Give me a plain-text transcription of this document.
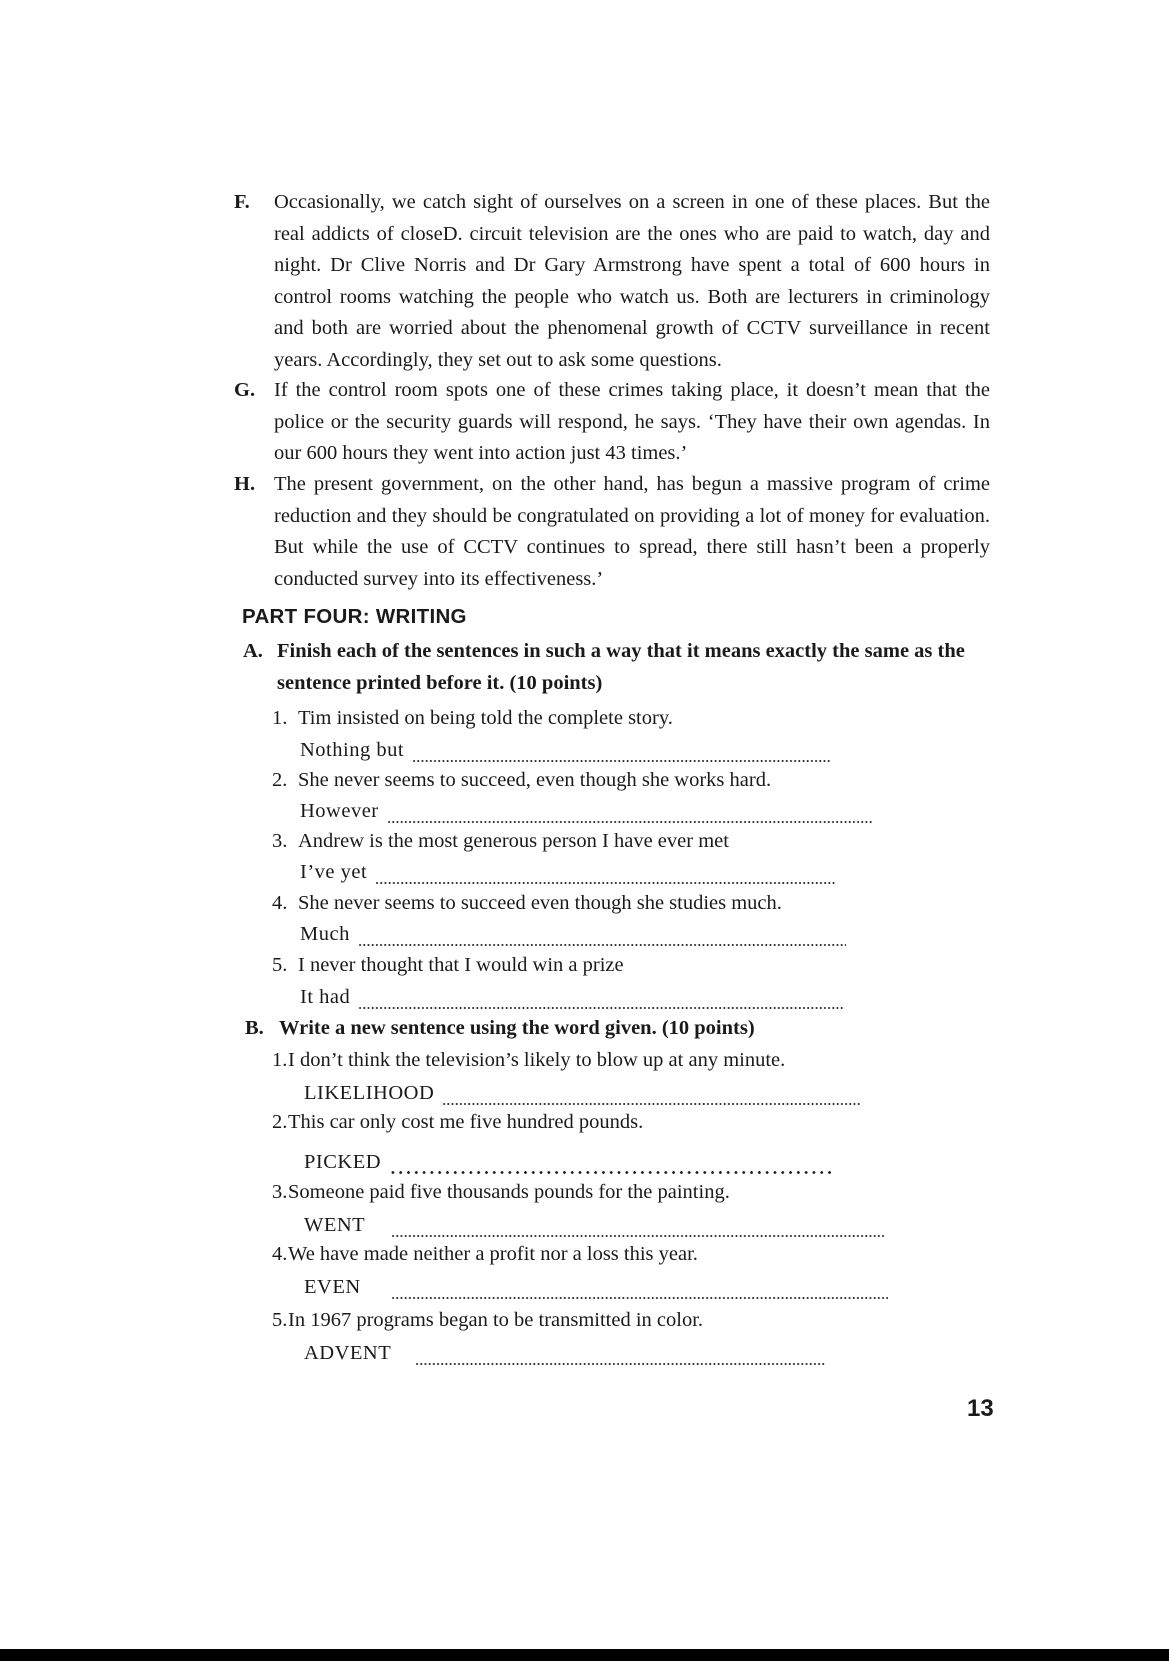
F. Occasionally, we catch sight of ourselves on a screen in one of these places. But the real addicts of closeD. circuit television are the ones who are paid to watch, day and night. Dr Clive Norris and Dr Gary Armstrong have spent a total of 600 hours in control rooms watching the people who watch us. Both are lecturers in criminology and both are worried about the phenomenal growth of CCTV surveillance in recent years. Accordingly, they set out to ask some questions.
G. If the control room spots one of these crimes taking place, it doesn’t mean that the police or the security guards will respond, he says. ‘They have their own agendas. In our 600 hours they went into action just 43 times.’
H. The present government, on the other hand, has begun a massive program of crime reduction and they should be congratulated on providing a lot of money for evaluation. But while the use of CCTV continues to spread, there still hasn’t been a properly conducted survey into its effectiveness.’
PART FOUR: WRITING
A. Finish each of the sentences in such a way that it means exactly the same as the sentence printed before it. (10 points)
1. Tim insisted on being told the complete story.
Nothing but
2. She never seems to succeed, even though she works hard.
However
3. Andrew is the most generous person I have ever met
I’ve yet
4. She never seems to succeed even though she studies much.
Much
5. I never thought that I would win a prize
It had
B. Write a new sentence using the word given. (10 points)
1.I don’t think the television’s likely to blow up at any minute.
LIKELIHOOD
2.This car only cost me five hundred pounds.
PICKED
3.Someone paid five thousands pounds for the painting.
WENT
4.We have made neither a profit nor a loss this year.
EVEN
5.In 1967 programs began to be transmitted in color.
ADVENT
13
